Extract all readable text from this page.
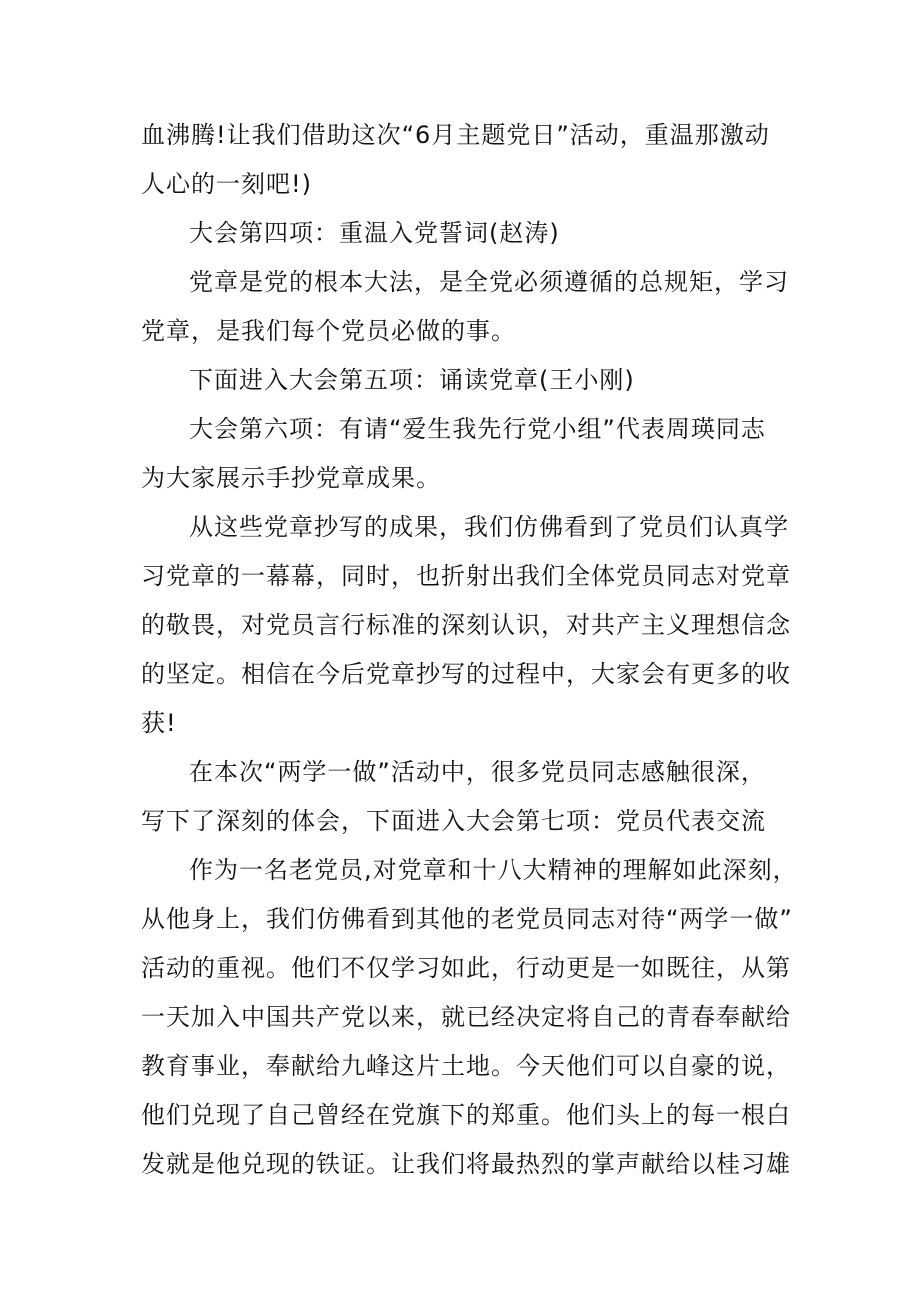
血沸腾!让我们借助这次“6月主题党日”活动，重温那激动
人心的一刻吧!)
大会第四项：重温入党誓词(赵涛)
党章是党的根本大法，是全党必须遵循的总规矩，学习
党章，是我们每个党员必做的事。
下面进入大会第五项：诵读党章(王小刚)
大会第六项：有请“爱生我先行党小组”代表周瑛同志
为大家展示手抄党章成果。
从这些党章抄写的成果，我们仿佛看到了党员们认真学
习党章的一幕幕，同时，也折射出我们全体党员同志对党章
的敬畏，对党员言行标准的深刻认识，对共产主义理想信念
的坚定。相信在今后党章抄写的过程中，大家会有更多的收
获!
在本次“两学一做”活动中，很多党员同志感触很深，
写下了深刻的体会，下面进入大会第七项：党员代表交流
作为一名老党员,对党章和十八大精神的理解如此深刻，
从他身上，我们仿佛看到其他的老党员同志对待“两学一做”
活动的重视。他们不仅学习如此，行动更是一如既往，从第
一天加入中国共产党以来，就已经决定将自己的青春奉献给
教育事业，奉献给九峰这片土地。今天他们可以自豪的说，
他们兑现了自己曾经在党旗下的郑重。他们头上的每一根白
发就是他兑现的铁证。让我们将最热烈的掌声献给以桂习雄
